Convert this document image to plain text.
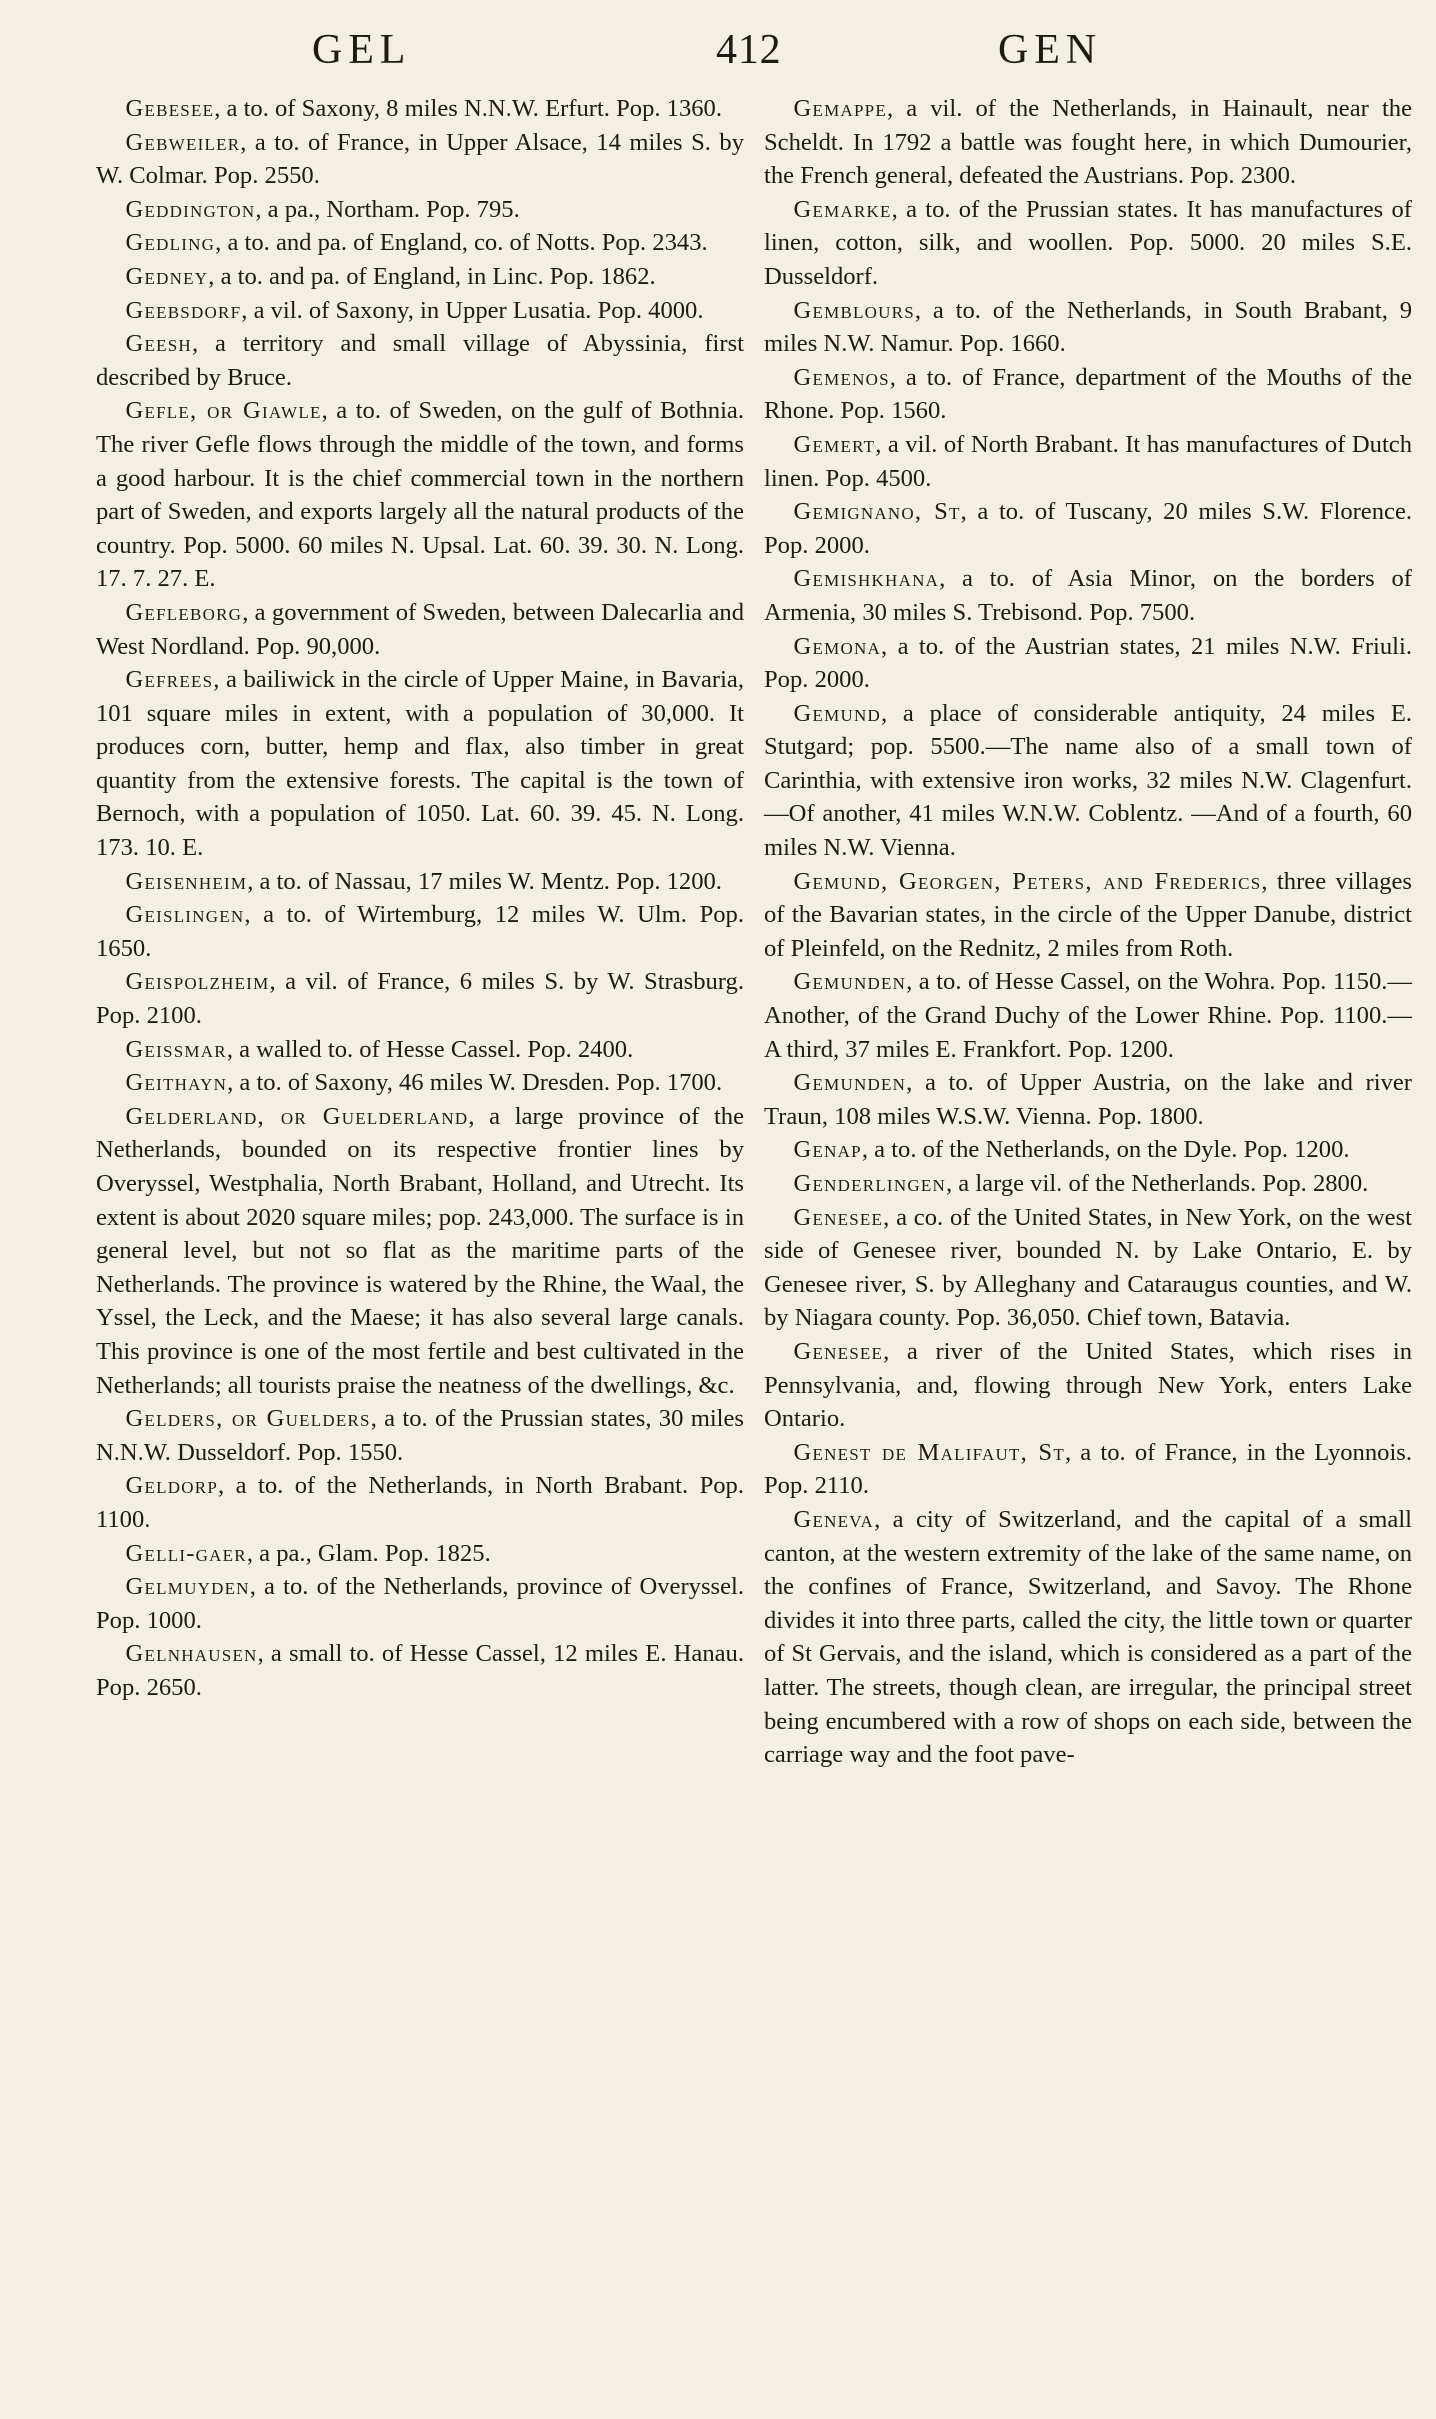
GEL	412	GEN

Gebesee, a to. of Saxony, 8 miles N.N.W. Erfurt. Pop. 1360.

Gebweiler, a to. of France, in Upper Alsace, 14 miles S. by W. Colmar. Pop. 2550.

Geddington, a pa., Northam. Pop. 795.

Gedling, a to. and pa. of England, co. of Notts. Pop. 2343.

Gedney, a to. and pa. of England, in Linc. Pop. 1862.

Geebsdorf, a vil. of Saxony, in Upper Lusatia. Pop. 4000.

Geesh, a territory and small village of Abyssinia, first described by Bruce.

Gefle, or Giawle, a to. of Sweden, on the gulf of Bothnia. The river Gefle flows through the middle of the town, and forms a good harbour. It is the chief commercial town in the northern part of Sweden, and exports largely all the natural products of the country. Pop. 5000. 60 miles N. Upsal. Lat. 60. 39. 30. N. Long. 17. 7. 27. E.

Gefleborg, a government of Sweden, between Dalecarlia and West Nordland. Pop. 90,000.

Gefrees, a bailiwick in the circle of Upper Maine, in Bavaria, 101 square miles in extent, with a population of 30,000. It produces corn, butter, hemp and flax, also timber in great quantity from the extensive forests. The capital is the town of Bernoch, with a population of 1050. Lat. 60. 39. 45. N. Long. 173. 10. E.

Geisenheim, a to. of Nassau, 17 miles W. Mentz. Pop. 1200.

Geislingen, a to. of Wirtemburg, 12 miles W. Ulm. Pop. 1650.

Geispolzheim, a vil. of France, 6 miles S. by W. Strasburg. Pop. 2100.

Geissmar, a walled to. of Hesse Cassel. Pop. 2400.

Geithayn, a to. of Saxony, 46 miles W. Dresden. Pop. 1700.

Gelderland, or Guelderland, a large province of the Netherlands, bounded on its respective frontier lines by Overyssel, Westphalia, North Brabant, Holland, and Utrecht. Its extent is about 2020 square miles; pop. 243,000. The surface is in general level, but not so flat as the maritime parts of the Netherlands. The province is watered by the Rhine, the Waal, the Yssel, the Leck, and the Maese; it has also several large canals. This province is one of the most fertile and best cultivated in the Netherlands; all tourists praise the neatness of the dwellings, &c.

Gelders, or Guelders, a to. of the Prussian states, 30 miles N.N.W. Dusseldorf. Pop. 1550.

Geldorp, a to. of the Netherlands, in North Brabant. Pop. 1100.

Gelli-gaer, a pa., Glam. Pop. 1825.

Gelmuyden, a to. of the Netherlands, province of Overyssel. Pop. 1000.

Gelnhausen, a small to. of Hesse Cassel, 12 miles E. Hanau. Pop. 2650.

Gemappe, a vil. of the Netherlands, in Hainault, near the Scheldt. In 1792 a battle was fought here, in which Dumourier, the French general, defeated the Austrians. Pop. 2300.

Gemarke, a to. of the Prussian states. It has manufactures of linen, cotton, silk, and woollen. Pop. 5000. 20 miles S.E. Dusseldorf.

Gemblours, a to. of the Netherlands, in South Brabant, 9 miles N.W. Namur. Pop. 1660.

Gemenos, a to. of France, department of the Mouths of the Rhone. Pop. 1560.

Gemert, a vil. of North Brabant. It has manufactures of Dutch linen. Pop. 4500.

Gemignano, St, a to. of Tuscany, 20 miles S.W. Florence. Pop. 2000.

Gemishkhana, a to. of Asia Minor, on the borders of Armenia, 30 miles S. Trebisond. Pop. 7500.

Gemona, a to. of the Austrian states, 21 miles N.W. Friuli. Pop. 2000.

Gemund, a place of considerable antiquity, 24 miles E. Stutgard; pop. 5500.—The name also of a small town of Carinthia, with extensive iron works, 32 miles N.W. Clagenfurt.—Of another, 41 miles W.N.W. Coblentz. —And of a fourth, 60 miles N.W. Vienna.

Gemund, Georgen, Peters, and Frederics, three villages of the Bavarian states, in the circle of the Upper Danube, district of Pleinfeld, on the Rednitz, 2 miles from Roth.

Gemunden, a to. of Hesse Cassel, on the Wohra. Pop. 1150.—Another, of the Grand Duchy of the Lower Rhine. Pop. 1100.— A third, 37 miles E. Frankfort. Pop. 1200.

Gemunden, a to. of Upper Austria, on the lake and river Traun, 108 miles W.S.W. Vienna. Pop. 1800.

Genap, a to. of the Netherlands, on the Dyle. Pop. 1200.

Genderlingen, a large vil. of the Netherlands. Pop. 2800.

Genesee, a co. of the United States, in New York, on the west side of Genesee river, bounded N. by Lake Ontario, E. by Genesee river, S. by Alleghany and Cataraugus counties, and W. by Niagara county. Pop. 36,050. Chief town, Batavia.

Genesee, a river of the United States, which rises in Pennsylvania, and, flowing through New York, enters Lake Ontario.

Genest de Malifaut, St, a to. of France, in the Lyonnois. Pop. 2110.

Geneva, a city of Switzerland, and the capital of a small canton, at the western extremity of the lake of the same name, on the confines of France, Switzerland, and Savoy. The Rhone divides it into three parts, called the city, the little town or quarter of St Gervais, and the island, which is considered as a part of the latter. The streets, though clean, are irregular, the principal street being encumbered with a row of shops on each side, between the carriage way and the foot pave-
